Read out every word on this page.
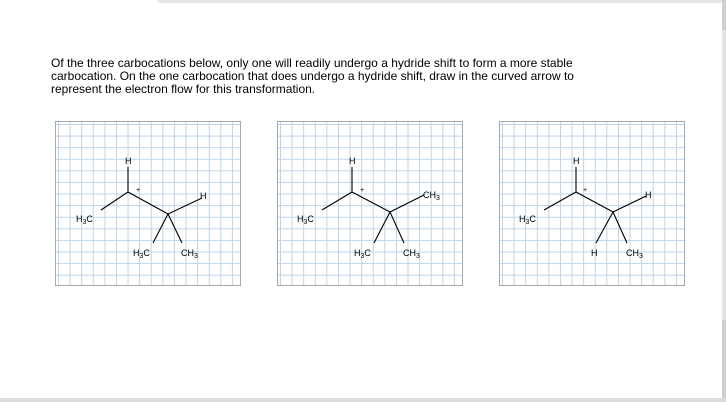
Of the three carbocations below, only one will readily undergo a hydride shift to form a more stable
carbocation. On the one carbocation that does undergo a hydride shift, draw in the curved arrow to
represent the electron flow for this transformation.
H
+
H
$H_3C$
$H_3C$	$CH_3$
H
+	$CH_3$
$H_3C$
$H_3C$	$CH_3$
H
+	H
$H_3C$
H	$CH_3$
